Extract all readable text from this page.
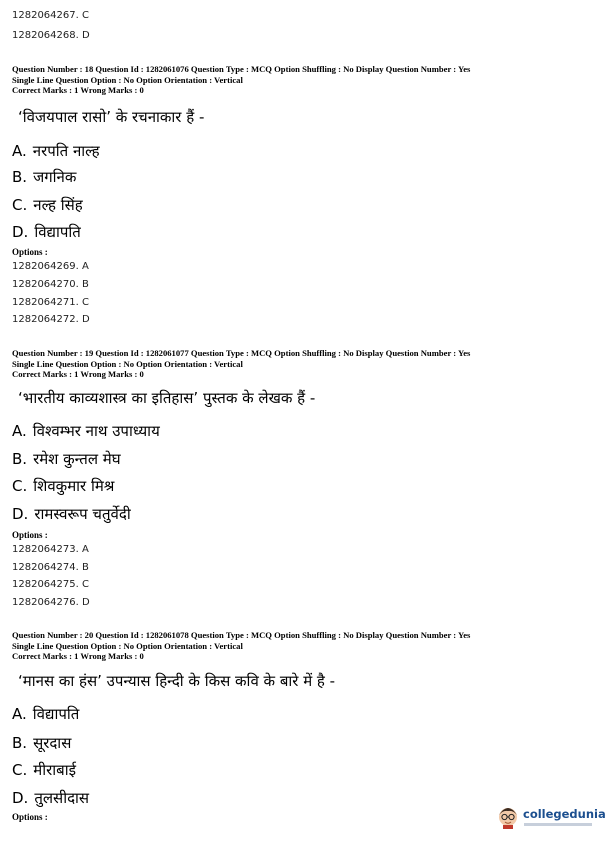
1282064267. C
1282064268. D
Question Number : 18 Question Id : 1282061076 Question Type : MCQ Option Shuffling : No Display Question Number : Yes
Single Line Question Option : No Option Orientation : Vertical
Correct Marks : 1 Wrong Marks : 0
‘विजयपाल रासो’ के रचनाकार हैं -
A. नरपति नाल्ह
B. जगनिक
C. नल्ह सिंह
D. विद्यापति
Options :
1282064269. A
1282064270. B
1282064271. C
1282064272. D
Question Number : 19 Question Id : 1282061077 Question Type : MCQ Option Shuffling : No Display Question Number : Yes
Single Line Question Option : No Option Orientation : Vertical
Correct Marks : 1 Wrong Marks : 0
‘भारतीय काव्यशास्त्र का इतिहास’ पुस्तक के लेखक हैं -
A. विश्वम्भर नाथ उपाध्याय
B. रमेश कुन्तल मेघ
C. शिवकुमार मिश्र
D. रामस्वरूप चतुर्वेदी
Options :
1282064273. A
1282064274. B
1282064275. C
1282064276. D
Question Number : 20 Question Id : 1282061078 Question Type : MCQ Option Shuffling : No Display Question Number : Yes
Single Line Question Option : No Option Orientation : Vertical
Correct Marks : 1 Wrong Marks : 0
‘मानस का हंस’ उपन्यास हिन्दी के किस कवि के बारे में है -
A. विद्यापति
B. सूरदास
C. मीराबाई
D. तुलसीदास
Options :	collegedunia
